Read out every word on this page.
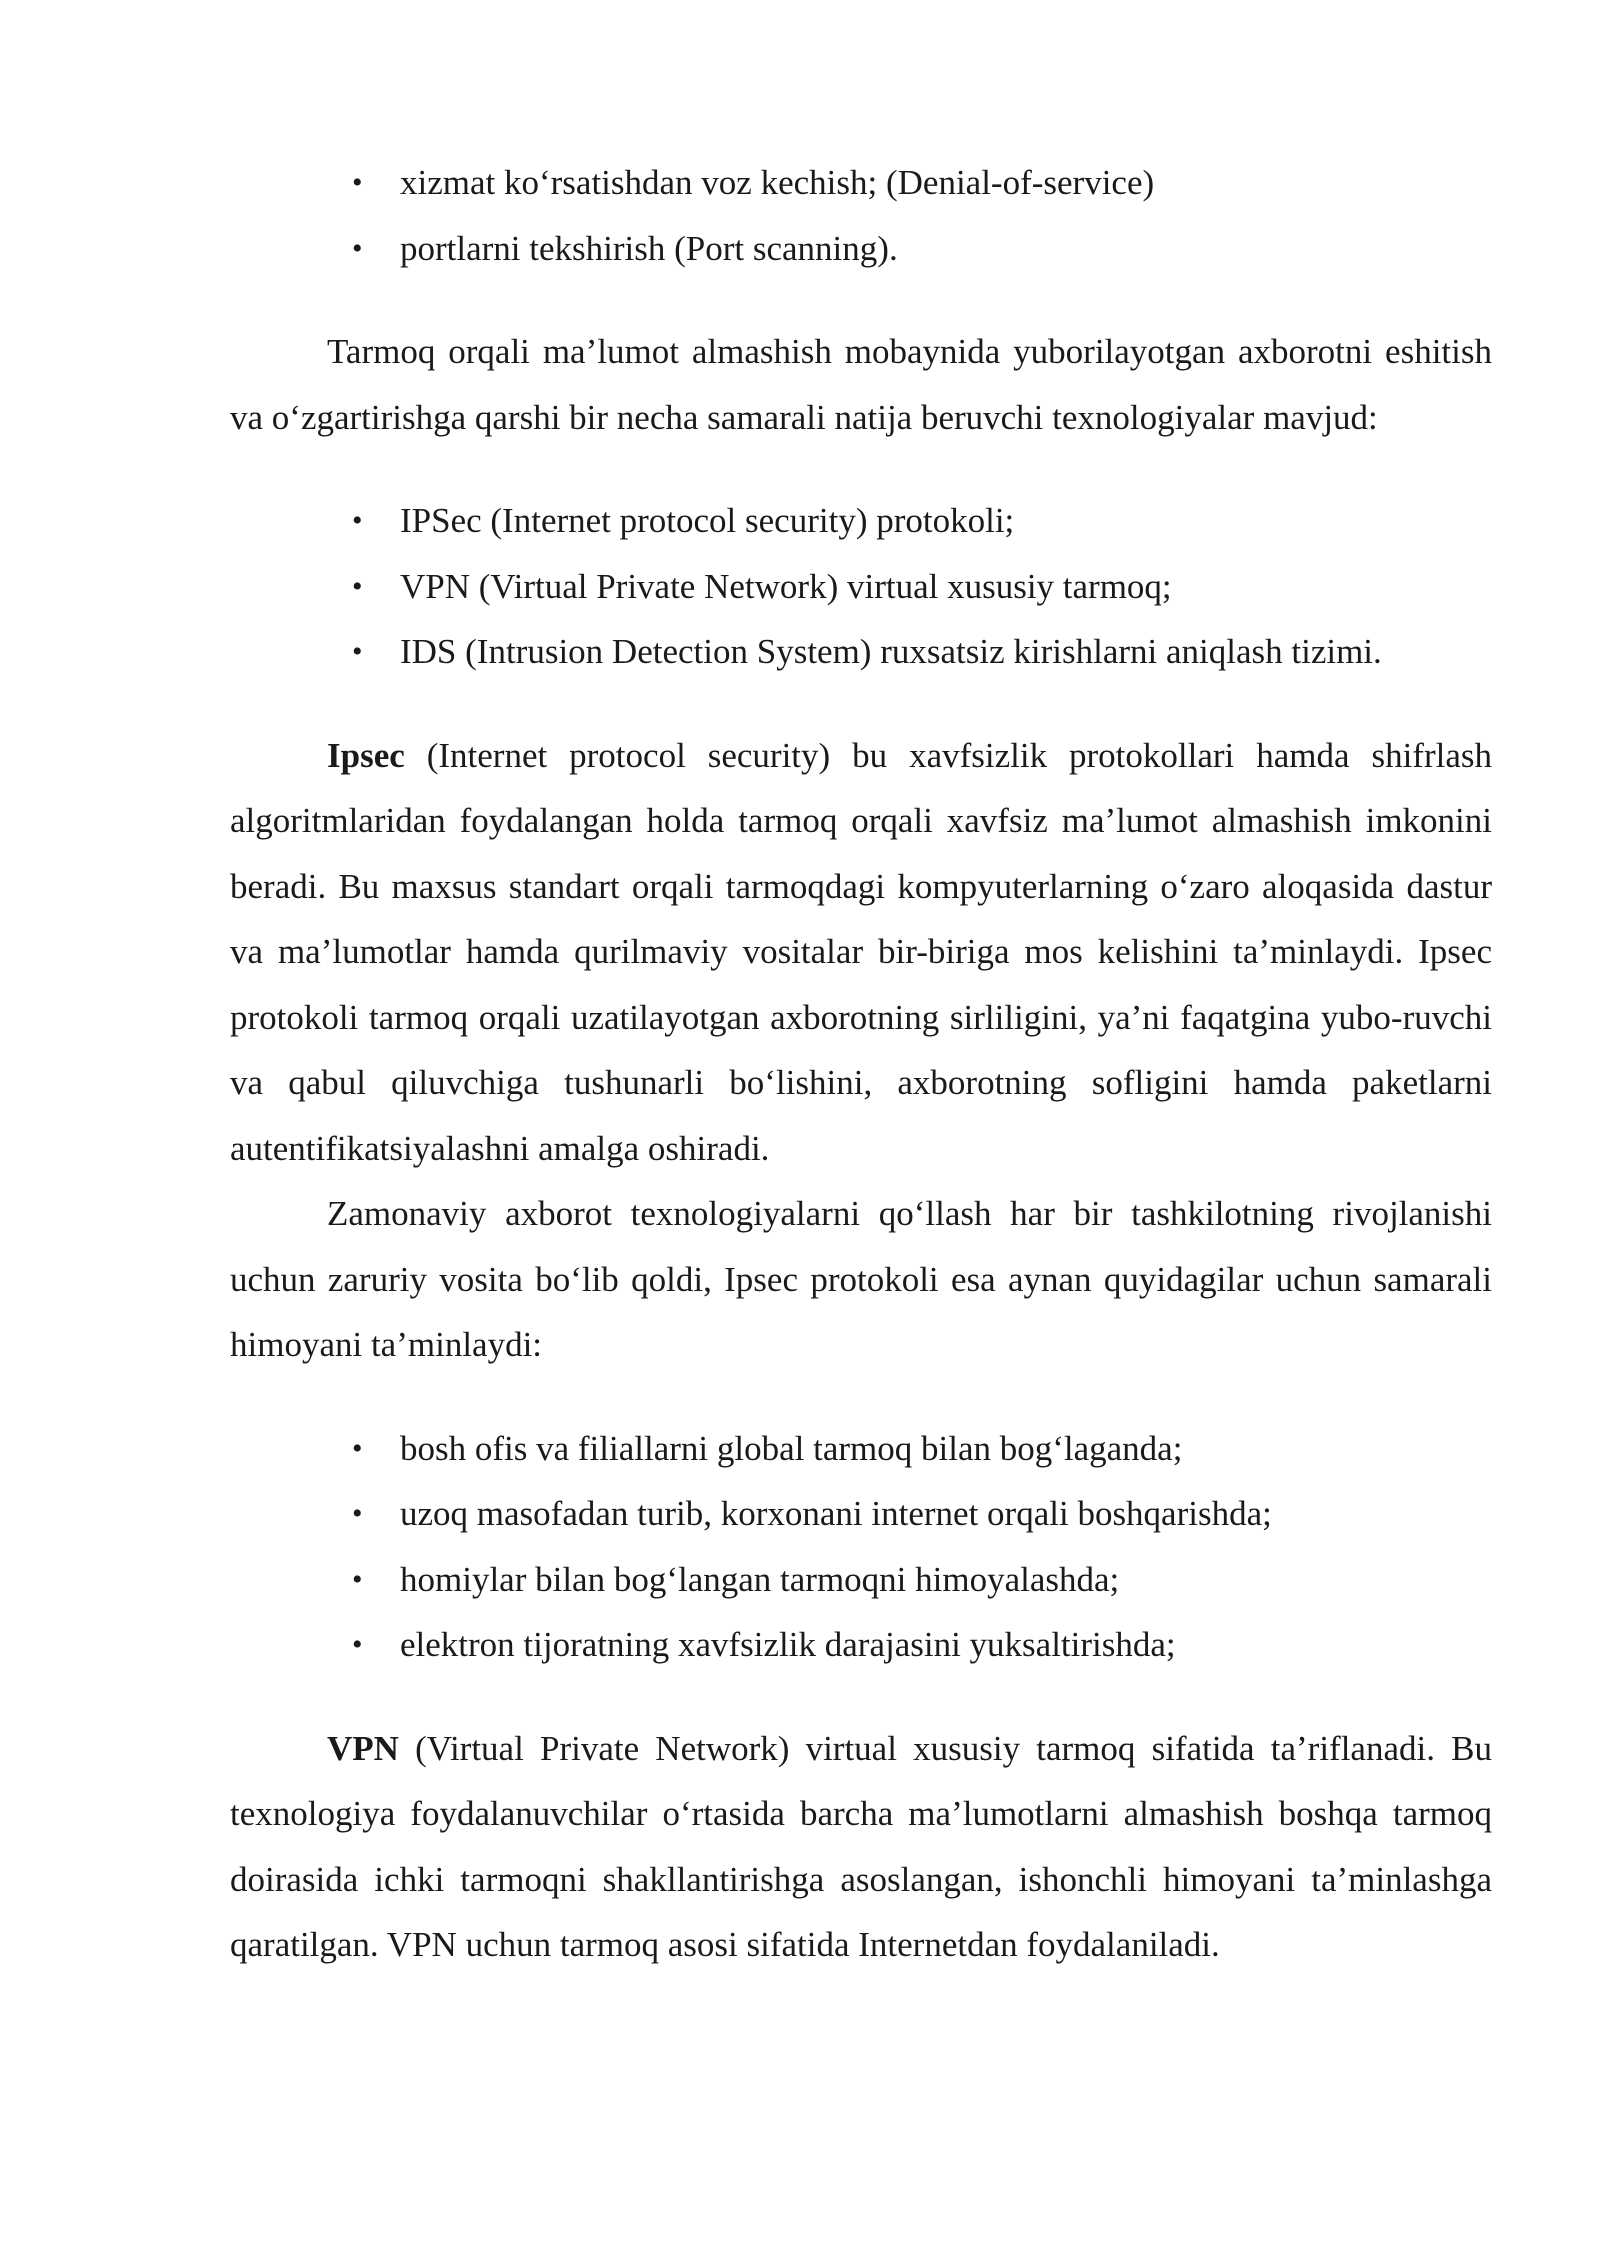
• xizmat ko‘rsatishdan voz kechish; (Denial-of-service)
• portlarni tekshirish (Port scanning).

Tarmoq orqali ma’lumot almashish mobaynida yuborilayotgan axborotni eshitish va o‘zgartirishga qarshi bir necha samarali natija beruvchi texnologiyalar mavjud:

• IPSec (Internet protocol security) protokoli;
• VPN (Virtual Private Network) virtual xususiy tarmoq;
• IDS (Intrusion Detection System) ruxsatsiz kirishlarni aniqlash tizimi.

Ipsec (Internet protocol security) bu xavfsizlik protokollari hamda shifrlash algoritmlaridan foydalangan holda tarmoq orqali xavfsiz ma’lumot almashish imkonini beradi. Bu maxsus standart orqali tarmoqdagi kompyuterlarning o‘zaro aloqasida dastur va ma’lumotlar hamda qurilmaviy vositalar bir-biriga mos kelishini ta’minlaydi. Ipsec protokoli tarmoq orqali uzatilayotgan axborotning sirliligini, ya’ni faqatgina yubo-ruvchi va qabul qiluvchiga tushunarli bo‘lishini, axborotning sofligini hamda paketlarni autentifikatsiyalashni amalga oshiradi.

Zamonaviy axborot texnologiyalarni qo‘llash har bir tashkilotning rivojlanishi uchun zaruriy vosita bo‘lib qoldi, Ipsec protokoli esa aynan quyidagilar uchun samarali himoyani ta’minlaydi:

• bosh ofis va filiallarni global tarmoq bilan bog‘laganda;
• uzoq masofadan turib, korxonani internet orqali boshqarishda;
• homiylar bilan bog‘langan tarmoqni himoyalashda;
• elektron tijoratning xavfsizlik darajasini yuksaltirishda;

VPN (Virtual Private Network) virtual xususiy tarmoq sifatida ta’riflanadi. Bu texnologiya foydalanuvchilar o‘rtasida barcha ma’lumotlarni almashish boshqa tarmoq doirasida ichki tarmoqni shakllantirishga asoslangan, ishonchli himoyani ta’minlashga qaratilgan. VPN uchun tarmoq asosi sifatida Internetdan foydalaniladi.
